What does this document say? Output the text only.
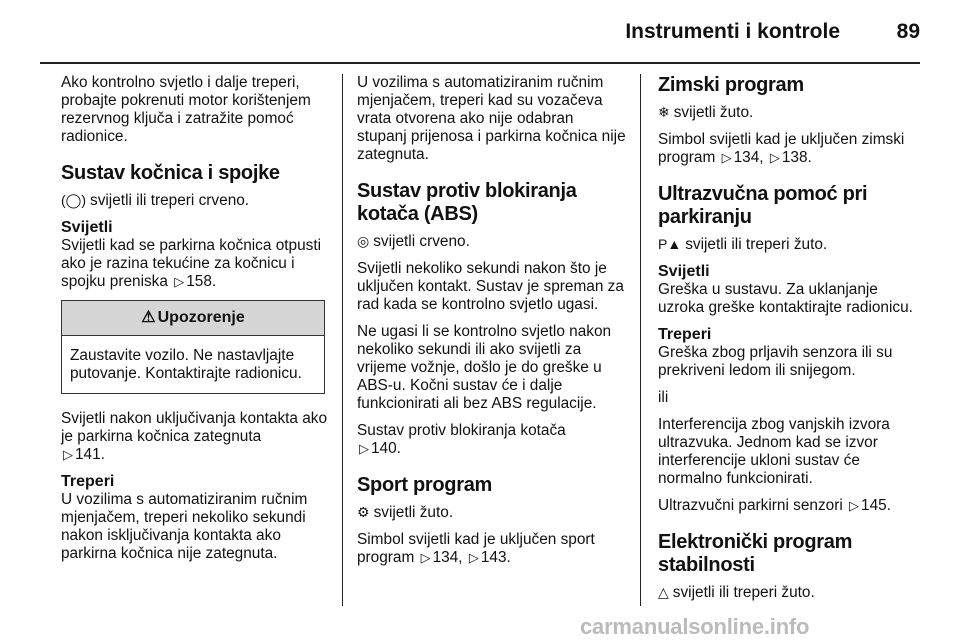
Instrumenti i kontrole	89

Ako kontrolno svjetlo i dalje treperi, probajte pokrenuti motor korištenjem rezervnog ključa i zatražite pomoć radionice.

Sustav kočnica i spojke

(◯) svijetli ili treperi crveno.

Svijetli

Svijetli kad se parkirna kočnica otpusti ako je razina tekućine za kočnicu i spojku preniska ▷ 158.

⚠ Upozorenje
Zaustavite vozilo. Ne nastavljajte putovanje. Kontaktirajte radionicu.

Svijetli nakon uključivanja kontakta ako je parkirna kočnica zategnuta
▷ 141.

Treperi

U vozilima s automatiziranim ručnim mjenjačem, treperi nekoliko sekundi nakon isključivanja kontakta ako parkirna kočnica nije zategnuta.

U vozilima s automatiziranim ručnim mjenjačem, treperi kad su vozačeva vrata otvorena ako nije odabran stupanj prijenosa i parkirna kočnica nije zategnuta.

Sustav protiv blokiranja kotača (ABS)

◎ svijetli crveno.

Svijetli nekoliko sekundi nakon što je uključen kontakt. Sustav je spreman za rad kada se kontrolno svjetlo ugasi.

Ne ugasi li se kontrolno svjetlo nakon nekoliko sekundi ili ako svijetli za vrijeme vožnje, došlo je do greške u ABS-u. Kočni sustav će i dalje funkcionirati ali bez ABS regulacije.

Sustav protiv blokiranja kotača
▷ 140.

Sport program

⚙ svijetli žuto.

Simbol svijetli kad je uključen sport program ▷ 134, ▷ 143.

Zimski program

❄ svijetli žuto.

Simbol svijetli kad je uključen zimski program ▷ 134, ▷ 138.

Ultrazvučna pomoć pri parkiranju

P▲ svijetli ili treperi žuto.

Svijetli

Greška u sustavu. Za uklanjanje uzroka greške kontaktirajte radionicu.

Treperi

Greška zbog prljavih senzora ili su prekriveni ledom ili snijegom.

ili

Interferencija zbog vanjskih izvora ultrazvuka. Jednom kad se izvor interferencije ukloni sustav će normalno funkcionirati.

Ultrazvučni parkirni senzori ▷ 145.

Elektronički program stabilnosti

△ svijetli ili treperi žuto.

carmanualsonline.info
